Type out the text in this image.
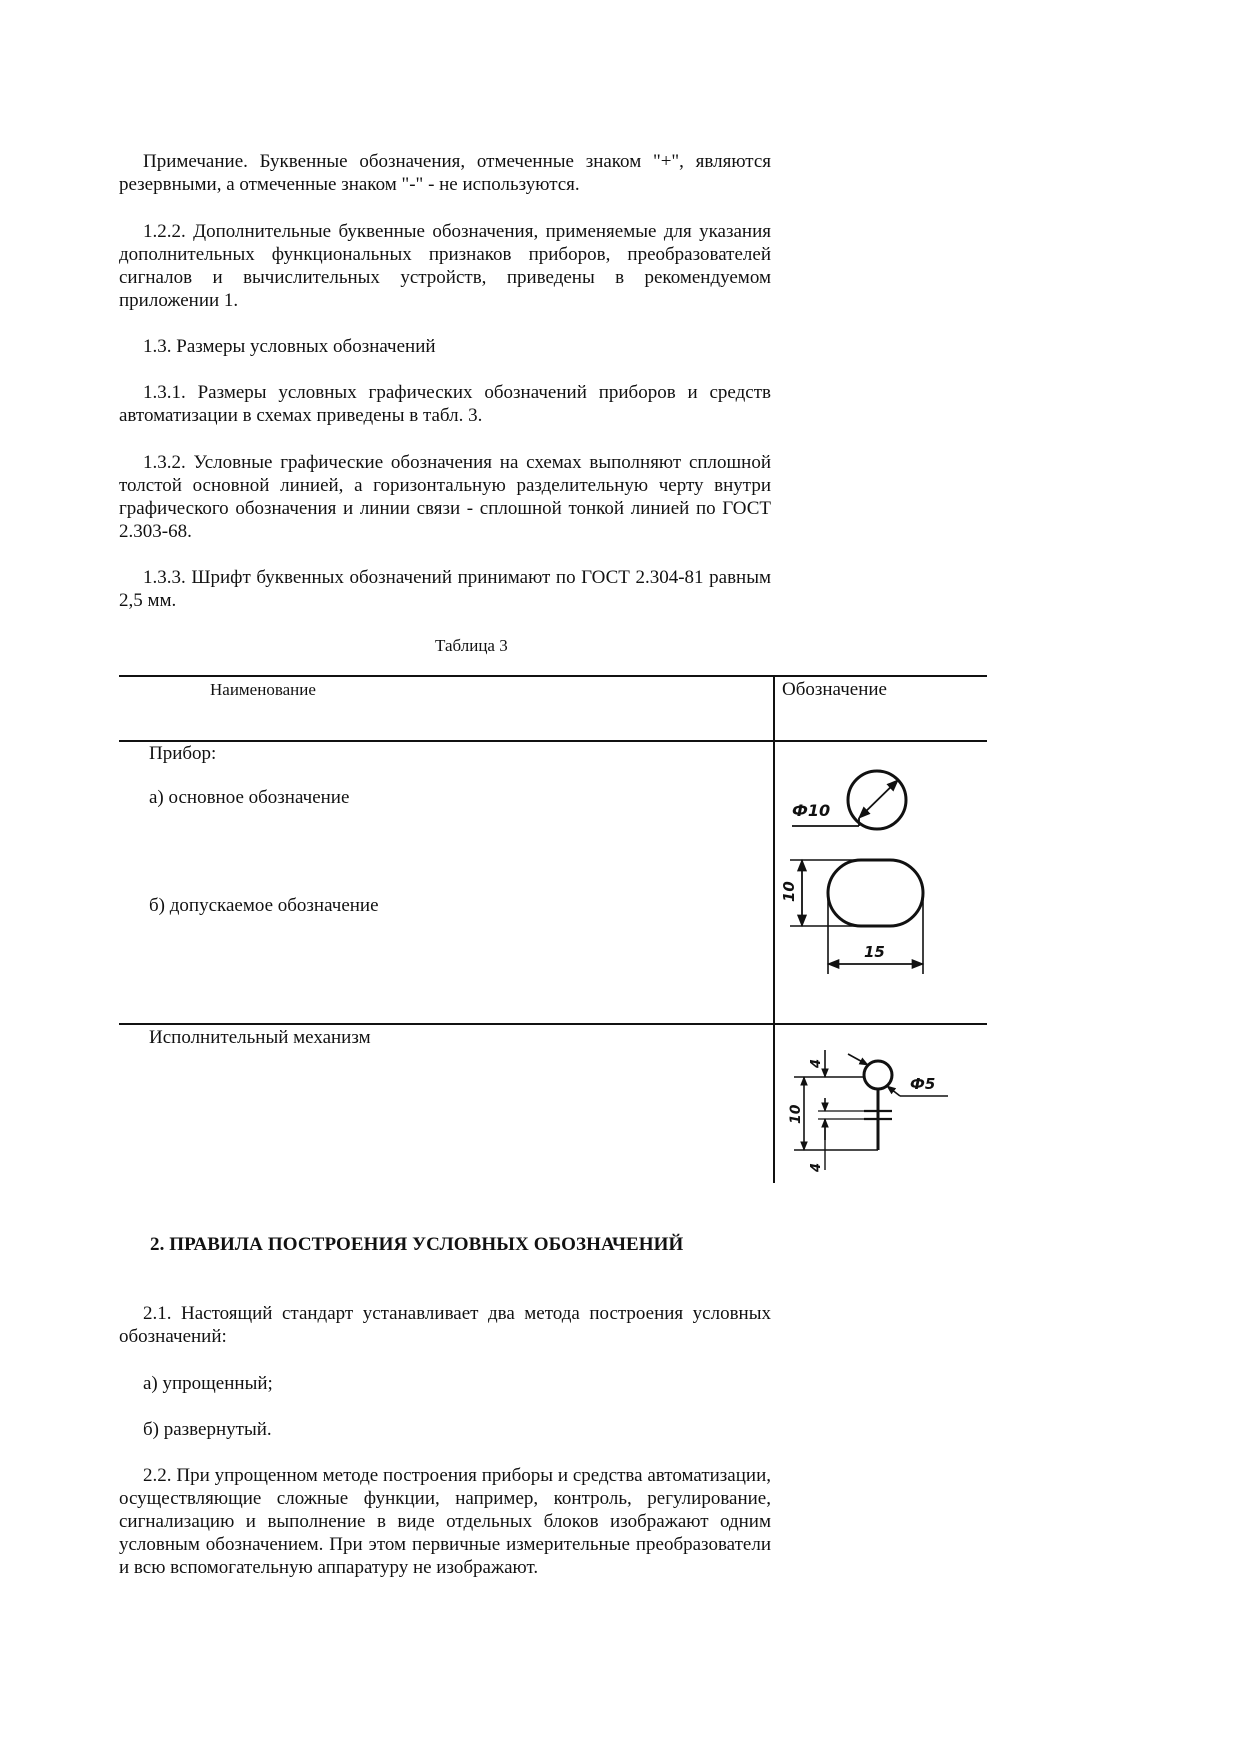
Примечание. Буквенные обозначения, отмеченные знаком "+", являются резервными, а отмеченные знаком "-" - не используются.

1.2.2. Дополнительные буквенные обозначения, применяемые для указания дополнительных функциональных признаков приборов, преобразователей сигналов и вычислительных устройств, приведены в рекомендуемом приложении 1.

1.3. Размеры условных обозначений

1.3.1. Размеры условных графических обозначений приборов и средств автоматизации в схемах приведены в табл. 3.

1.3.2. Условные графические обозначения на схемах выполняют сплошной толстой основной линией, а горизонтальную разделительную черту внутри графического обозначения и линии связи - сплошной тонкой линией по ГОСТ 2.303-68.

1.3.3. Шрифт буквенных обозначений принимают по ГОСТ 2.304-81 равным 2,5 мм.

Таблица 3
Наименование	Обозначение
Прибор:
а) основное обозначение
б) допускаемое обозначение
Ф10
10
15
Исполнительный механизм
Ф5
10
4
4
2. ПРАВИЛА ПОСТРОЕНИЯ УСЛОВНЫХ ОБОЗНАЧЕНИЙ

2.1. Настоящий стандарт устанавливает два метода построения условных обозначений:

а) упрощенный;

б) развернутый.

2.2. При упрощенном методе построения приборы и средства автоматизации, осуществляющие сложные функции, например, контроль, регулирование, сигнализацию и выполнение в виде отдельных блоков изображают одним условным обозначением. При этом первичные измерительные преобразователи и всю вспомогательную аппаратуру не изображают.
